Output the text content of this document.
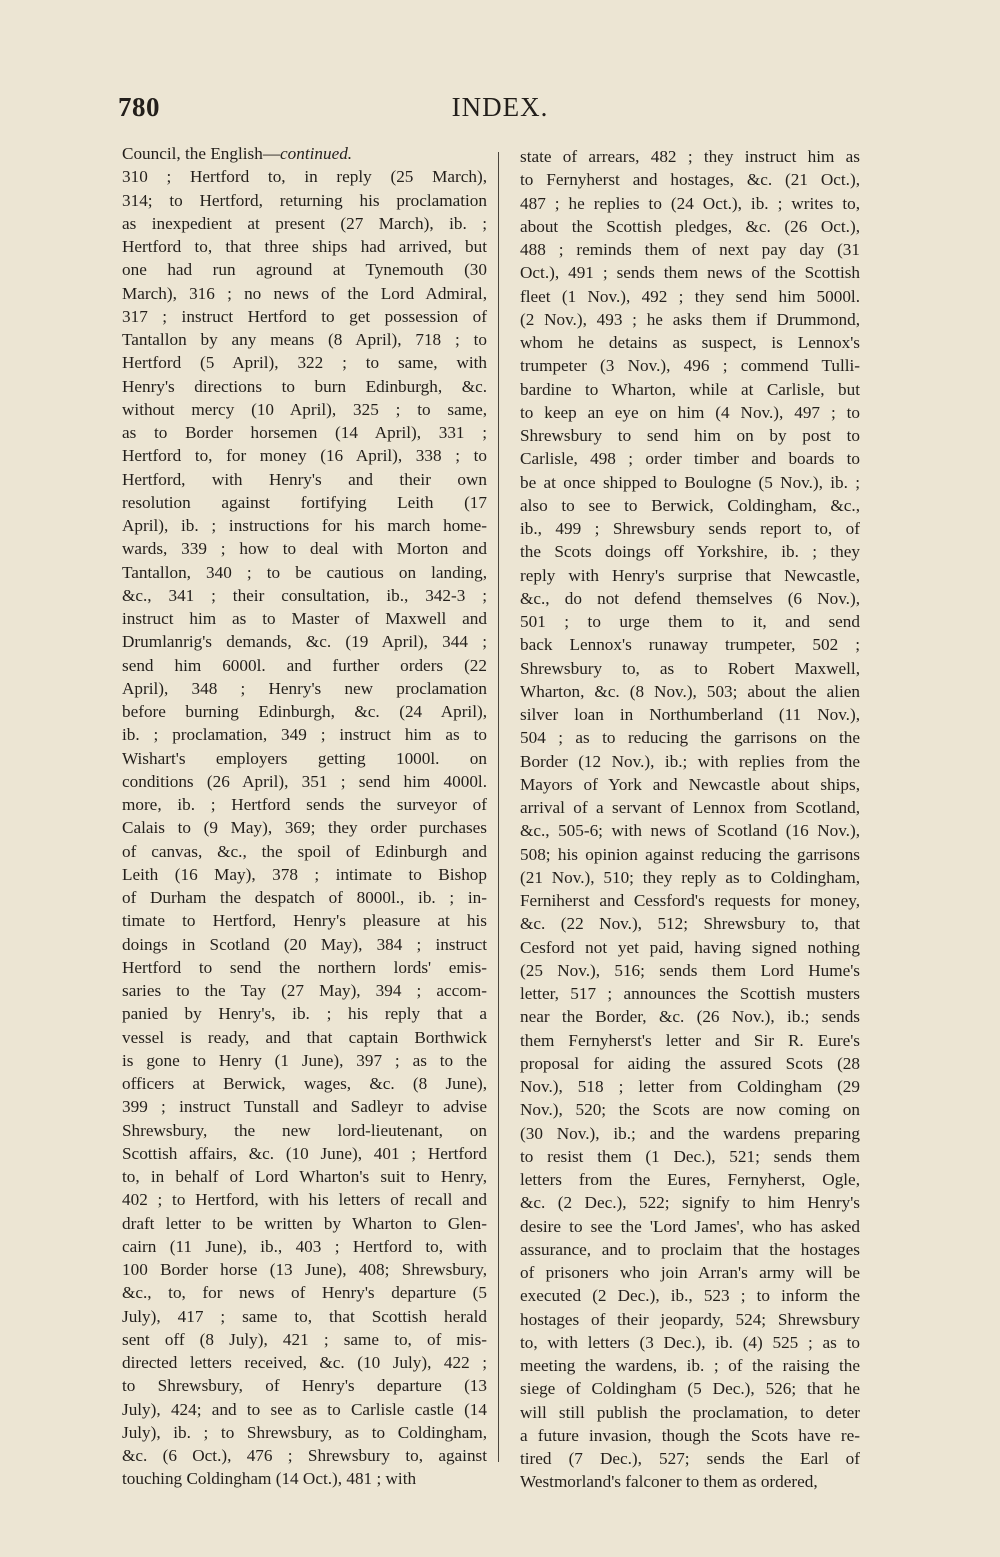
780	INDEX.
Council, the English—continued.
310 ; Hertford to, in reply (25 March),
314; to Hertford, returning his proclamation
as inexpedient at present (27 March), ib. ;
Hertford to, that three ships had arrived, but
one had run aground at Tynemouth (30
March), 316 ; no news of the Lord Admiral,
317 ; instruct Hertford to get possession of
Tantallon by any means (8 April), 718 ; to
Hertford (5 April), 322 ; to same, with
Henry's directions to burn Edinburgh, &c.
without mercy (10 April), 325 ; to same,
as to Border horsemen (14 April), 331 ;
Hertford to, for money (16 April), 338 ; to
Hertford, with Henry's and their own
resolution against fortifying Leith (17
April), ib. ; instructions for his march home-
wards, 339 ; how to deal with Morton and
Tantallon, 340 ; to be cautious on landing,
&c., 341 ; their consultation, ib., 342-3 ;
instruct him as to Master of Maxwell and
Drumlanrig's demands, &c. (19 April), 344 ;
send him 6000l. and further orders (22
April), 348 ; Henry's new proclamation
before burning Edinburgh, &c. (24 April),
ib. ; proclamation, 349 ; instruct him as to
Wishart's employers getting 1000l. on
conditions (26 April), 351 ; send him 4000l.
more, ib. ; Hertford sends the surveyor of
Calais to (9 May), 369; they order purchases
of canvas, &c., the spoil of Edinburgh and
Leith (16 May), 378 ; intimate to Bishop
of Durham the despatch of 8000l., ib. ; in-
timate to Hertford, Henry's pleasure at his
doings in Scotland (20 May), 384 ; instruct
Hertford to send the northern lords' emis-
saries to the Tay (27 May), 394 ; accom-
panied by Henry's, ib. ; his reply that a
vessel is ready, and that captain Borthwick
is gone to Henry (1 June), 397 ; as to the
officers at Berwick, wages, &c. (8 June),
399 ; instruct Tunstall and Sadleyr to advise
Shrewsbury, the new lord-lieutenant, on
Scottish affairs, &c. (10 June), 401 ; Hertford
to, in behalf of Lord Wharton's suit to Henry,
402 ; to Hertford, with his letters of recall and
draft letter to be written by Wharton to Glen-
cairn (11 June), ib., 403 ; Hertford to, with
100 Border horse (13 June), 408; Shrewsbury,
&c., to, for news of Henry's departure (5
July), 417 ; same to, that Scottish herald
sent off (8 July), 421 ; same to, of mis-
directed letters received, &c. (10 July), 422 ;
to Shrewsbury, of Henry's departure (13
July), 424; and to see as to Carlisle castle (14
July), ib. ; to Shrewsbury, as to Coldingham,
&c. (6 Oct.), 476 ; Shrewsbury to, against
touching Coldingham (14 Oct.), 481 ; with
state of arrears, 482 ; they instruct him as
to Fernyherst and hostages, &c. (21 Oct.),
487 ; he replies to (24 Oct.), ib. ; writes to,
about the Scottish pledges, &c. (26 Oct.),
488 ; reminds them of next pay day (31
Oct.), 491 ; sends them news of the Scottish
fleet (1 Nov.), 492 ; they send him 5000l.
(2 Nov.), 493 ; he asks them if Drummond,
whom he detains as suspect, is Lennox's
trumpeter (3 Nov.), 496 ; commend Tulli-
bardine to Wharton, while at Carlisle, but
to keep an eye on him (4 Nov.), 497 ; to
Shrewsbury to send him on by post to
Carlisle, 498 ; order timber and boards to
be at once shipped to Boulogne (5 Nov.), ib. ;
also to see to Berwick, Coldingham, &c.,
ib., 499 ; Shrewsbury sends report to, of
the Scots doings off Yorkshire, ib. ; they
reply with Henry's surprise that Newcastle,
&c., do not defend themselves (6 Nov.),
501 ; to urge them to it, and send
back Lennox's runaway trumpeter, 502 ;
Shrewsbury to, as to Robert Maxwell,
Wharton, &c. (8 Nov.), 503; about the alien
silver loan in Northumberland (11 Nov.),
504 ; as to reducing the garrisons on the
Border (12 Nov.), ib.; with replies from the
Mayors of York and Newcastle about ships,
arrival of a servant of Lennox from Scotland,
&c., 505-6; with news of Scotland (16 Nov.),
508; his opinion against reducing the garrisons
(21 Nov.), 510; they reply as to Coldingham,
Ferniherst and Cessford's requests for money,
&c. (22 Nov.), 512; Shrewsbury to, that
Cesford not yet paid, having signed nothing
(25 Nov.), 516; sends them Lord Hume's
letter, 517 ; announces the Scottish musters
near the Border, &c. (26 Nov.), ib.; sends
them Fernyherst's letter and Sir R. Eure's
proposal for aiding the assured Scots (28
Nov.), 518 ; letter from Coldingham (29
Nov.), 520; the Scots are now coming on
(30 Nov.), ib.; and the wardens preparing
to resist them (1 Dec.), 521; sends them
letters from the Eures, Fernyherst, Ogle,
&c. (2 Dec.), 522; signify to him Henry's
desire to see the 'Lord James', who has asked
assurance, and to proclaim that the hostages
of prisoners who join Arran's army will be
executed (2 Dec.), ib., 523 ; to inform the
hostages of their jeopardy, 524; Shrewsbury
to, with letters (3 Dec.), ib. (4) 525 ; as to
meeting the wardens, ib. ; of the raising the
siege of Coldingham (5 Dec.), 526; that he
will still publish the proclamation, to deter
a future invasion, though the Scots have re-
tired (7 Dec.), 527; sends the Earl of
Westmorland's falconer to them as ordered,
